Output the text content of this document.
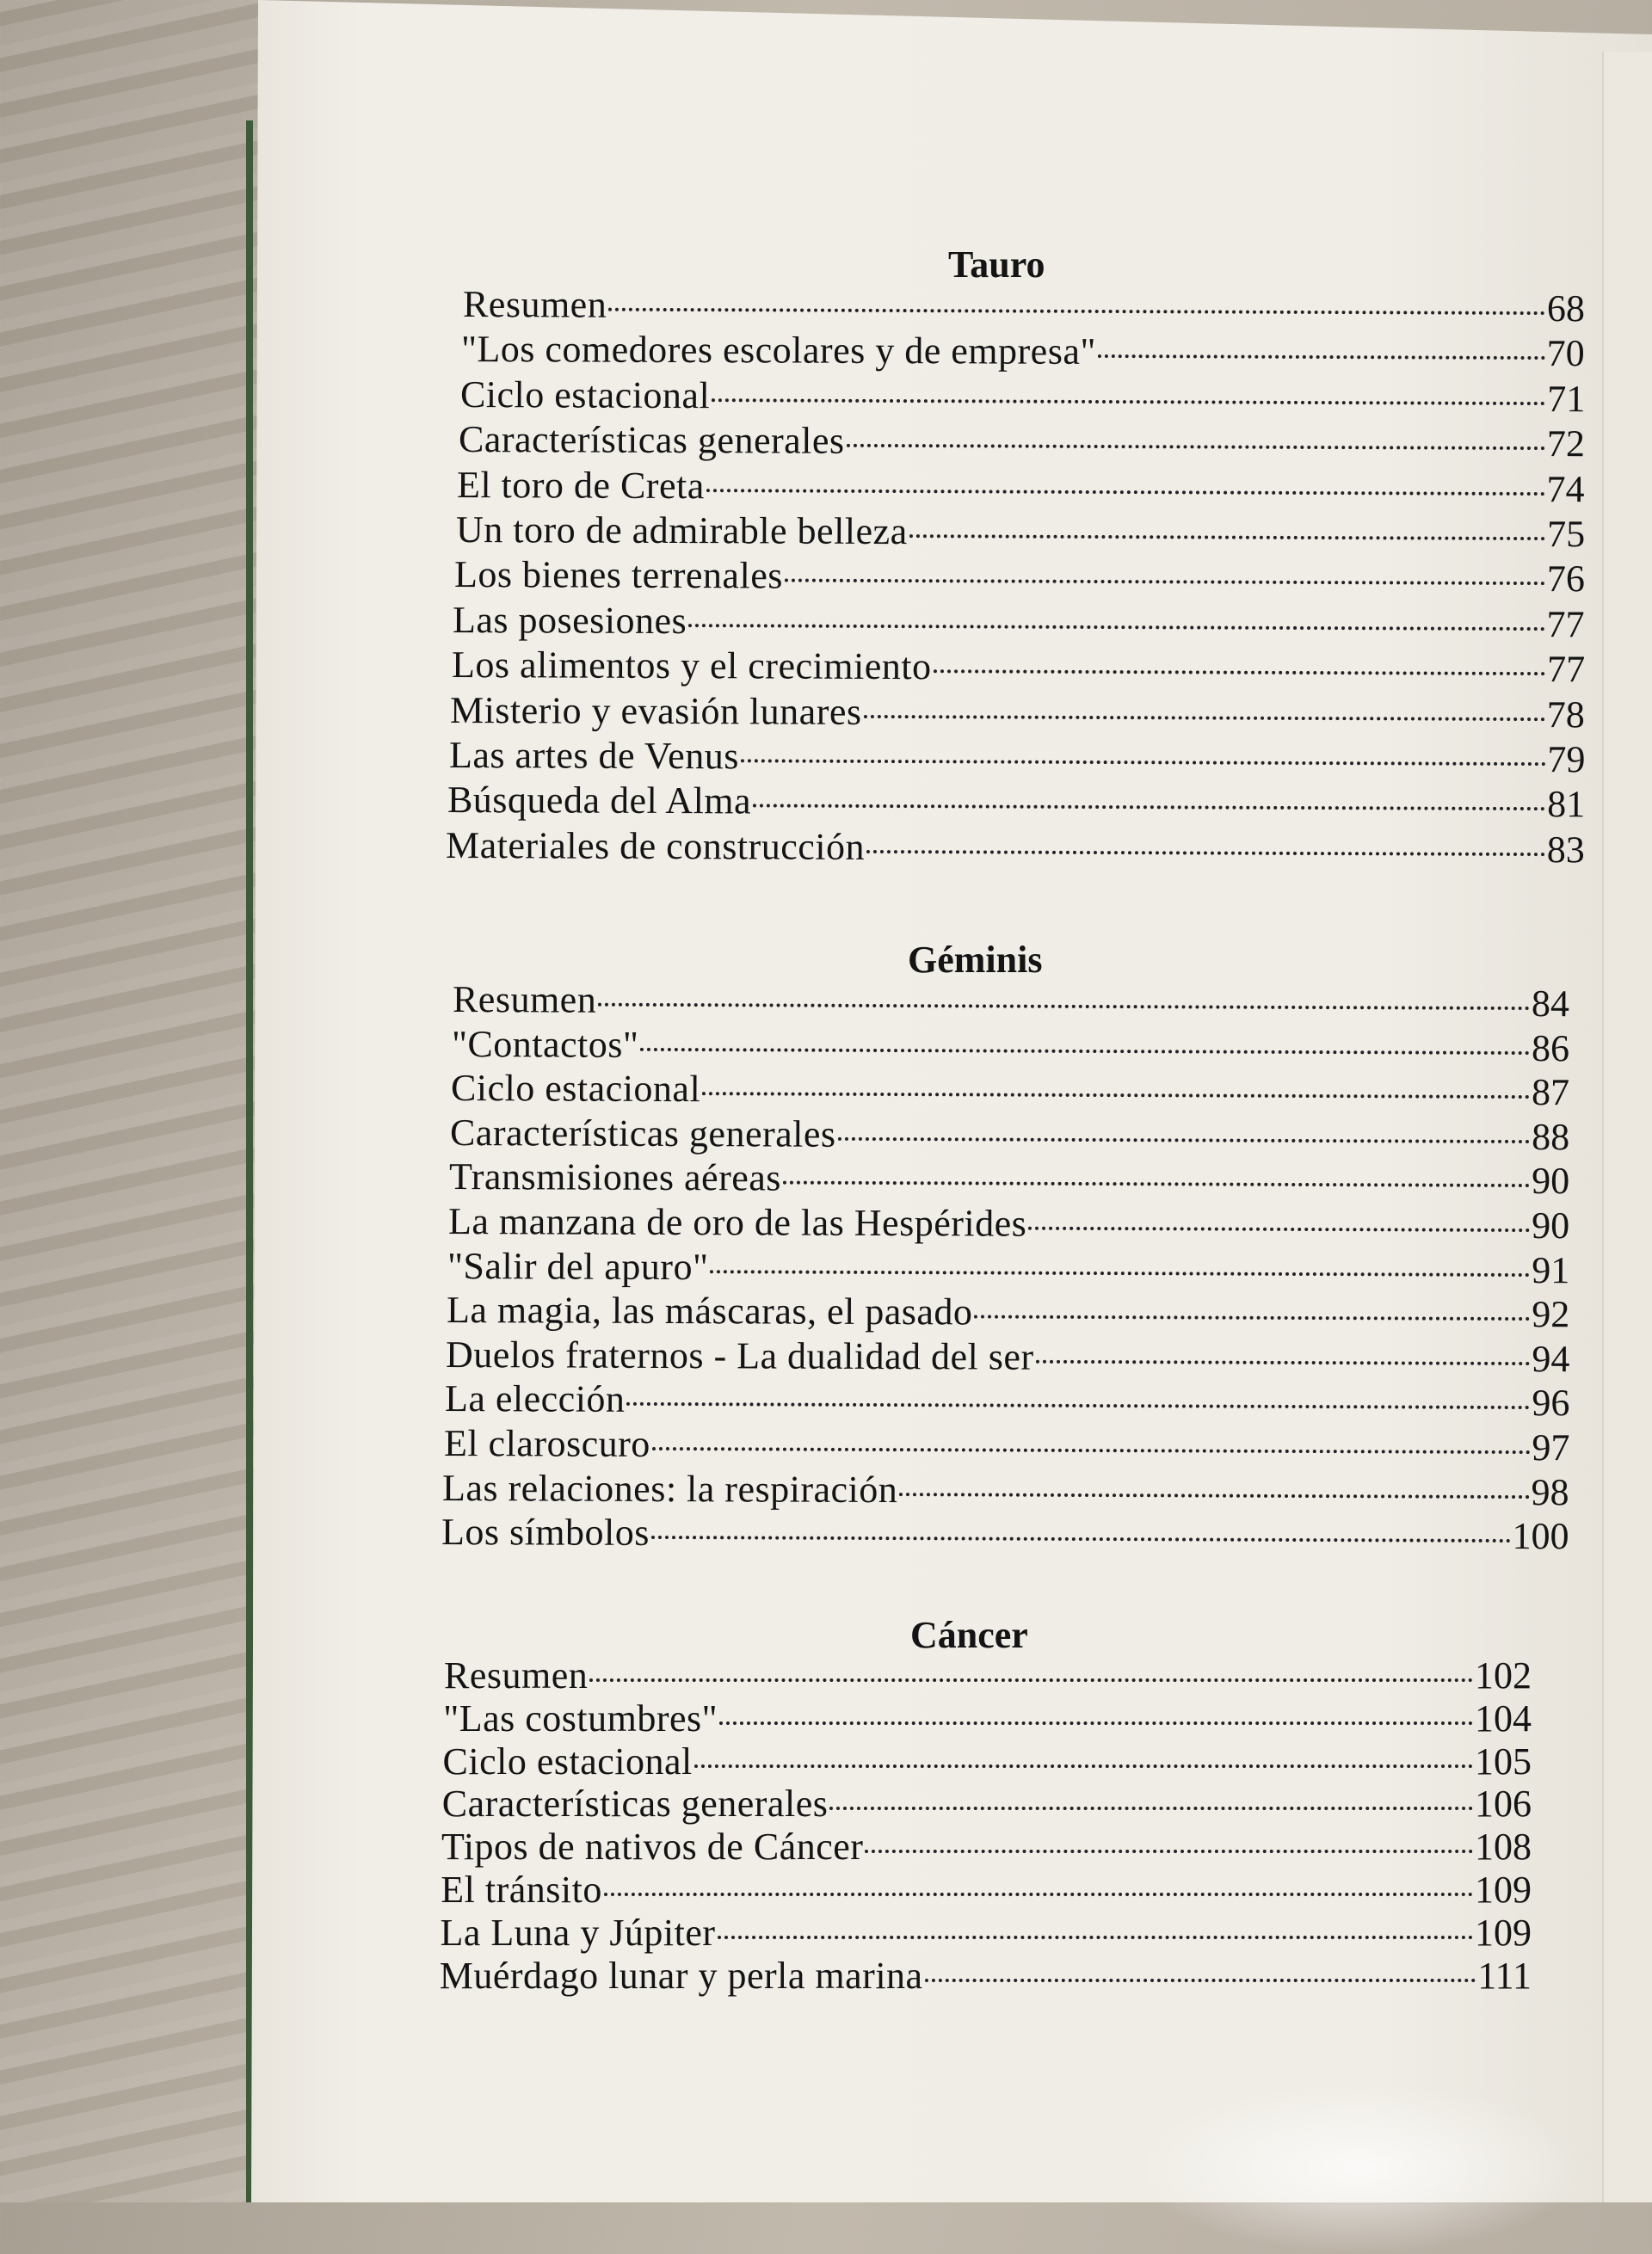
Tauro
Géminis
Cáncer
Resumen	68
"Los comedores escolares y de empresa"	70
Ciclo estacional	71
Características generales	72
El toro de Creta	74
Un toro de admirable belleza	75
Los bienes terrenales	76
Las posesiones	77
Los alimentos y el crecimiento	77
Misterio y evasión lunares	78
Las artes de Venus	79
Búsqueda del Alma	81
Materiales de construcción	83
Resumen	84
"Contactos"	86
Ciclo estacional	87
Características generales	88
Transmisiones aéreas	90
La manzana de oro de las Hespérides	90
"Salir del apuro"	91
La magia, las máscaras, el pasado	92
Duelos fraternos - La dualidad del ser	94
La elección	96
El claroscuro	97
Las relaciones: la respiración	98
Los símbolos	100
Resumen	102
"Las costumbres"	104
Ciclo estacional	105
Características generales	106
Tipos de nativos de Cáncer	108
El tránsito	109
La Luna y Júpiter	109
Muérdago lunar y perla marina	111
